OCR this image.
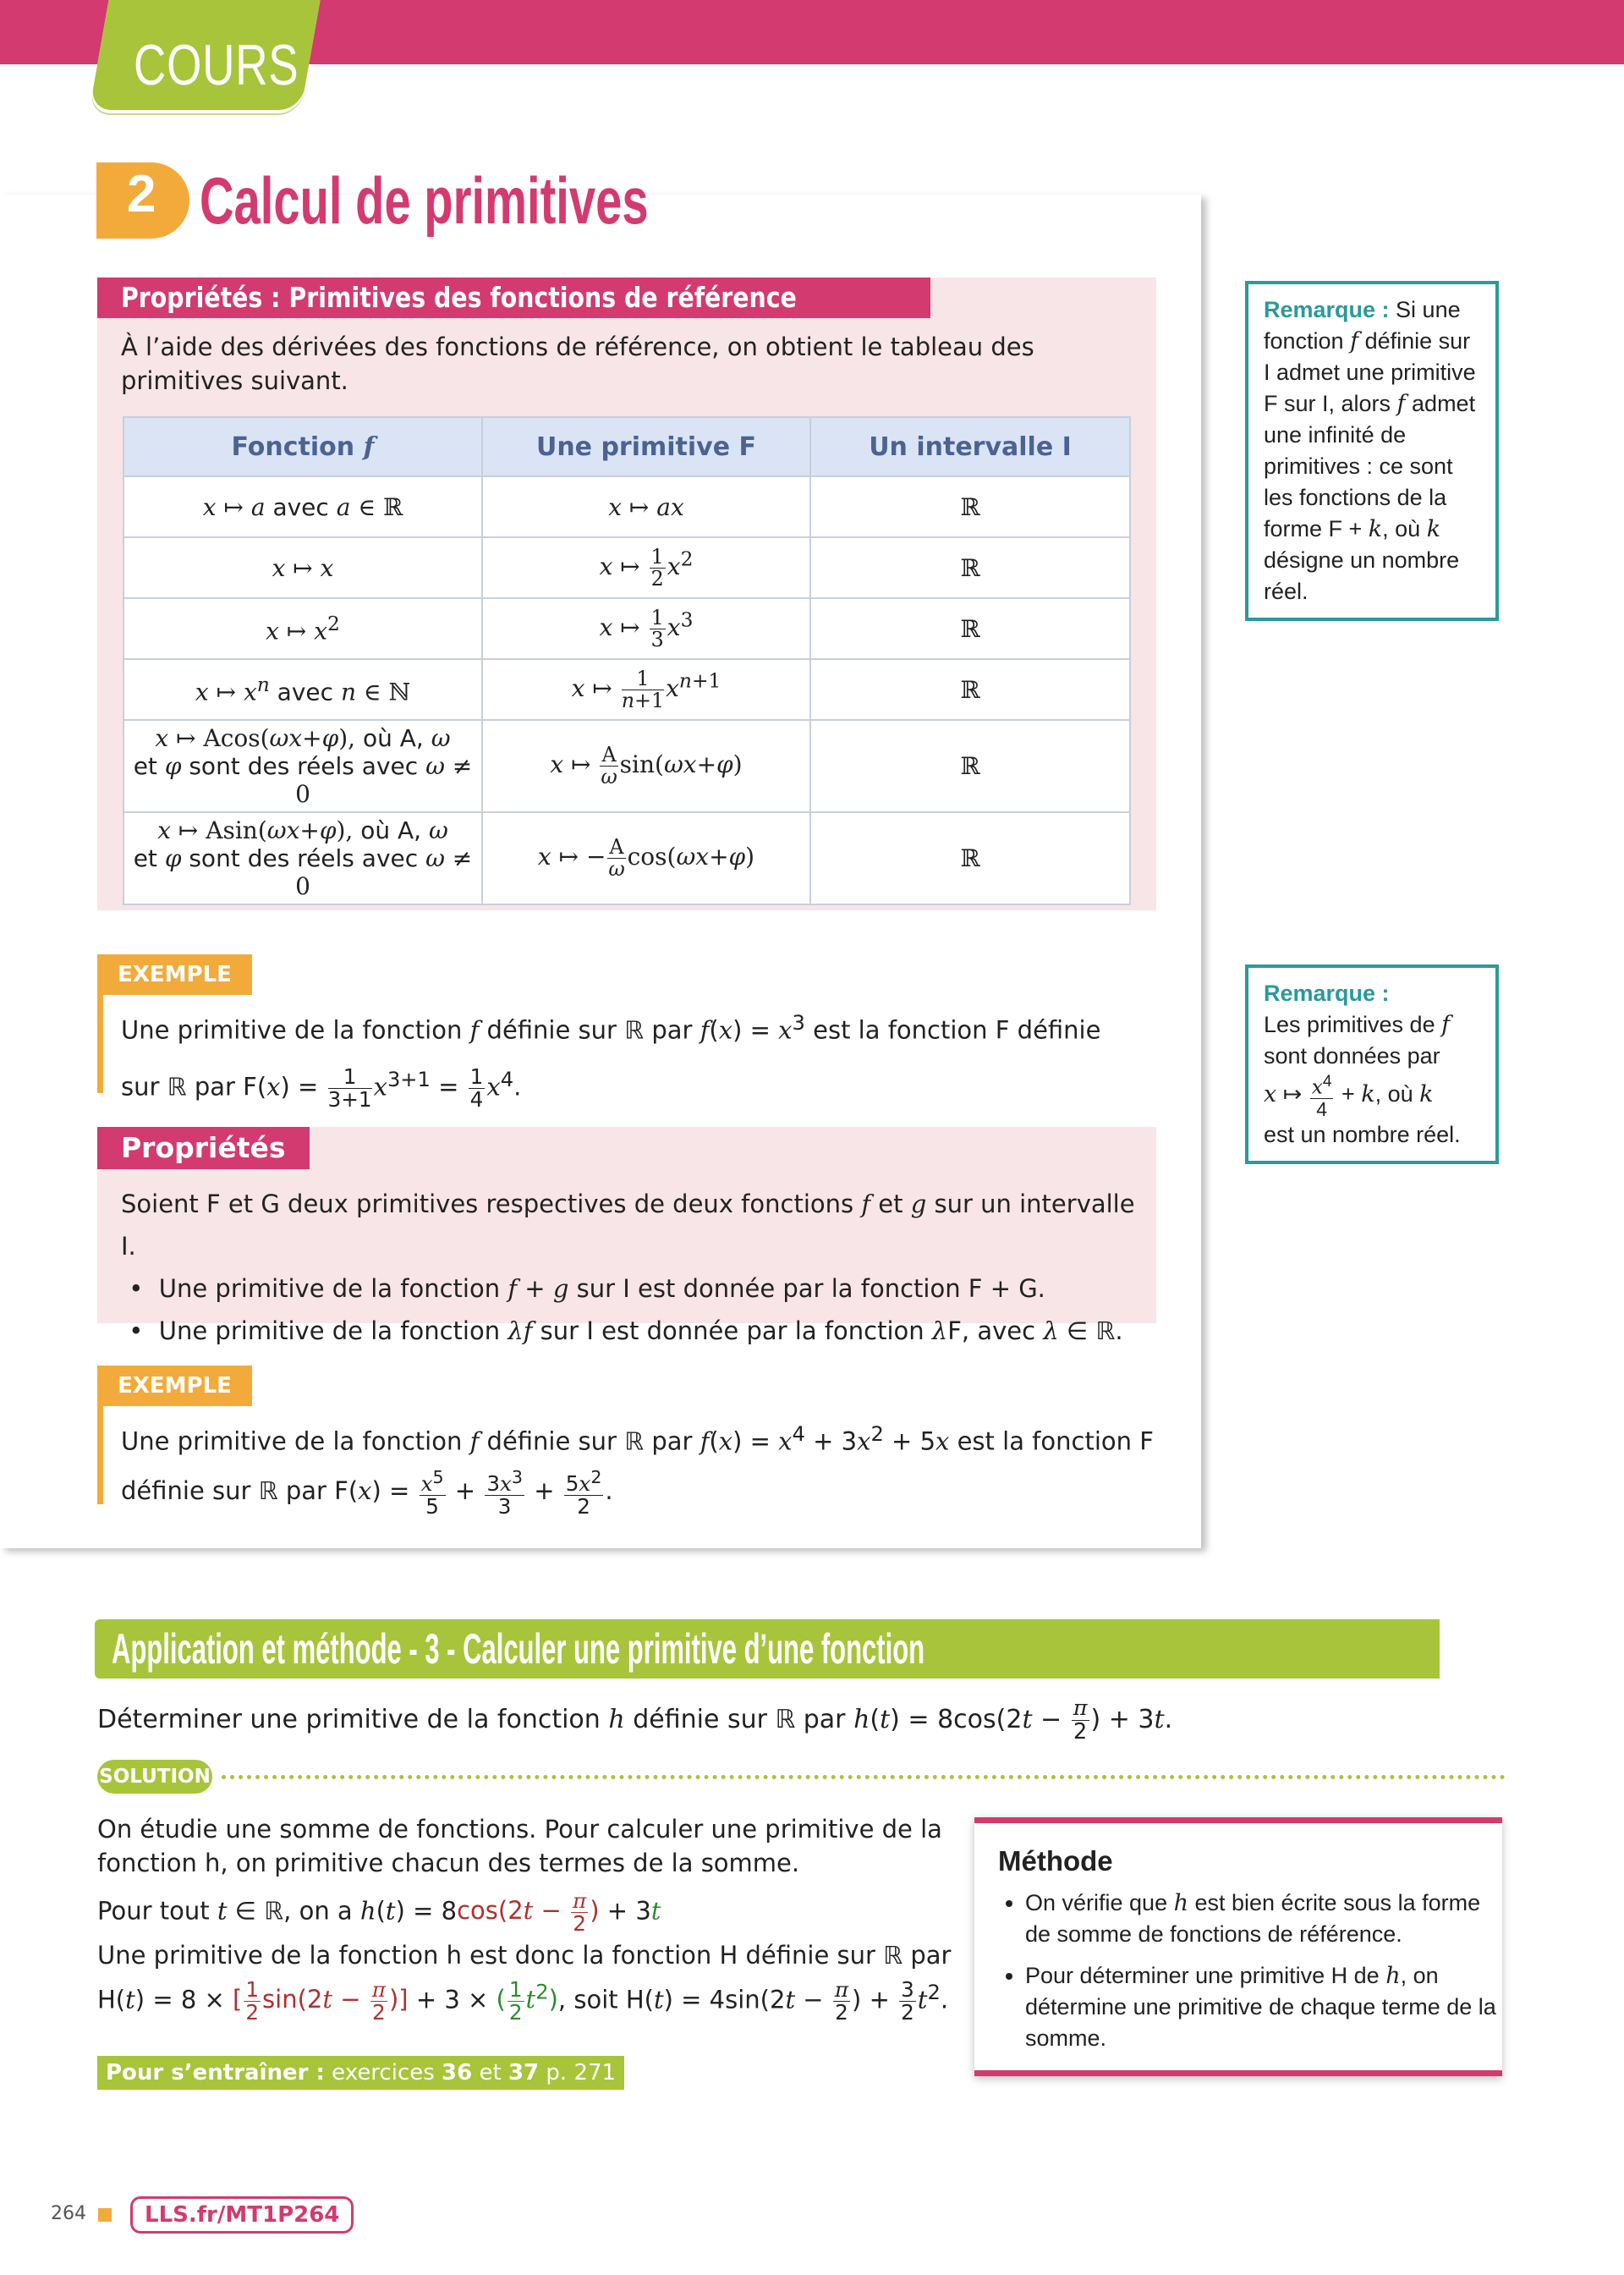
COURS
2 Calcul de primitives
Propriétés : Primitives des fonctions de référence
À l’aide des dérivées des fonctions de référence, on obtient le tableau des primitives suivant.
Fonction f	Une primitive F	Un intervalle I
x ↦ a avec a ∈ ℝ	x ↦ ax	ℝ
x ↦ x	x ↦ $\frac{1}{2} x^2$	ℝ
x ↦ $x^2$	x ↦ $\frac{1}{3} x^3$	ℝ
x ↦ $x^n$ avec n ∈ ℕ	x ↦ $\frac{1}{n+1} x^{n+1}$	ℝ
x ↦ Acos(ωx+φ), où A, ω
et φ sont des réels avec ω ≠ 0	x ↦ $\frac{A}{\omega} \sin(\omega x+\varphi)$	ℝ
x ↦ Asin(ωx+φ), où A, ω
et φ sont des réels avec ω ≠ 0	x ↦ − $\frac{A}{\omega} \cos(\omega x+\varphi)$	ℝ
EXEMPLE
Une primitive de la fonction f définie sur ℝ par $f(x) = x^3$ est la fonction F définie
sur ℝ par $F(x) = \frac{1}{3+1} x^{3+1} = \frac{1}{4} x^4$.
Propriétés
Soient F et G deux primitives respectives de deux fonctions f et g sur un intervalle I.
•  Une primitive de la fonction f + g sur I est donnée par la fonction F + G.
•  Une primitive de la fonction λf sur I est donnée par la fonction λF, avec λ ∈ ℝ.
EXEMPLE
Une primitive de la fonction f définie sur ℝ par $f(x) = x^4 + 3x^2 + 5x$ est la fonction F
définie sur ℝ par $F(x) = \frac{x^5}{5} + \frac{3x^3}{3} + \frac{5x^2}{2}$ .
Remarque : Si une fonction f définie sur I admet une primitive F sur I, alors f admet une infinité de primitives : ce sont les fonctions de la forme F + k, où k désigne un nombre réel.
Remarque :
Les primitives de f sont données par
x ↦ $\frac{x^4}{4} + k$, où k
est un nombre réel.
Application et méthode - 3 - Calculer une primitive d’une fonction
Déterminer une primitive de la fonction h définie sur ℝ par $h(t) = 8\cos(2t - \frac{\pi}{2}$ ) + 3t.
SOLUTION

On étudie une somme de fonctions. Pour calculer une primitive de la fonction h, on primitive chacun des termes de la somme.

Pour tout t ∈ ℝ, on a $h(t) = 8\cos(2t - \frac{\pi}{2}$ ) + 3t

Une primitive de la fonction h est donc la fonction H définie sur ℝ par

H(t) = 8 × [ $\frac{1}{2} \sin(2t - \frac{\pi}{2}$ )] + 3 × ( $\frac{1}{2} t^2$), soit $H(t) = 4\sin(2t - \frac{\pi}{2}$ ) + $\frac{3}{2} t^2$.

Pour s’entraîner : exercices 36 et 37 p. 271
Méthode
• On vérifie que h est bien écrite sous la forme de somme de fonctions de référence.
• Pour déterminer une primitive H de h, on détermine une primitive de chaque terme de la somme.
264	LLS.fr/MT1P264
